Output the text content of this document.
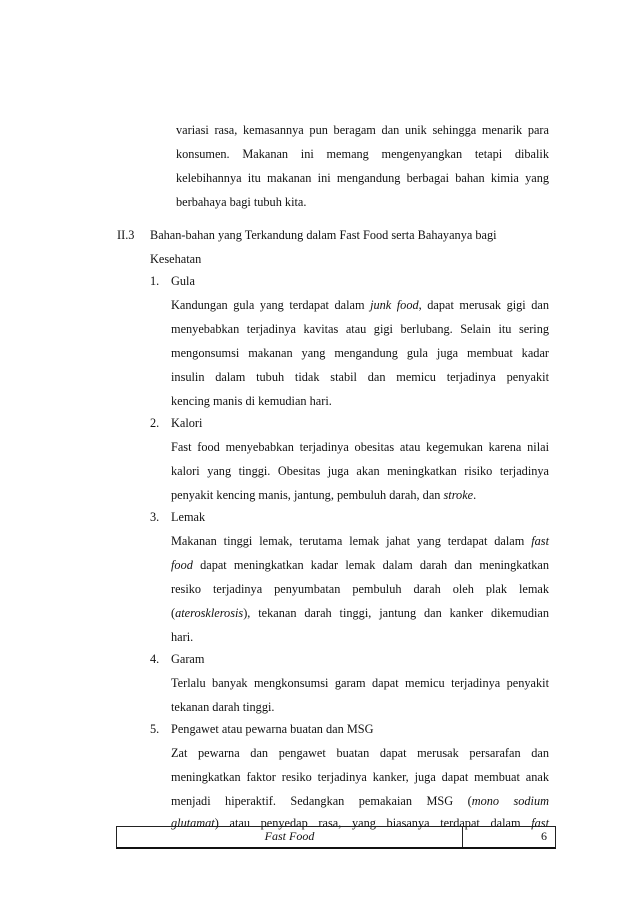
variasi rasa, kemasannya pun beragam dan unik sehingga menarik para
konsumen. Makanan ini memang mengenyangkan tetapi dibalik
kelebihannya itu makanan ini mengandung berbagai bahan kimia yang
berbahaya bagi tubuh kita.
II.3 Bahan-bahan yang Terkandung dalam Fast Food serta Bahayanya bagi
Kesehatan
1. Gula
Kandungan gula yang terdapat dalam junk food, dapat merusak gigi dan
menyebabkan terjadinya kavitas atau gigi berlubang. Selain itu sering
mengonsumsi makanan yang mengandung gula juga membuat kadar
insulin dalam tubuh tidak stabil dan memicu terjadinya penyakit
kencing manis di kemudian hari.
2. Kalori
Fast food menyebabkan terjadinya obesitas atau kegemukan karena nilai
kalori yang tinggi. Obesitas juga akan meningkatkan risiko terjadinya
penyakit kencing manis, jantung, pembuluh darah, dan stroke.
3. Lemak
Makanan tinggi lemak, terutama lemak jahat yang terdapat dalam fast
food dapat meningkatkan kadar lemak dalam darah dan meningkatkan
resiko terjadinya penyumbatan pembuluh darah oleh plak lemak
(aterosklerosis), tekanan darah tinggi, jantung dan kanker dikemudian
hari.
4. Garam
Terlalu banyak mengkonsumsi garam dapat memicu terjadinya penyakit
tekanan darah tinggi.
5. Pengawet atau pewarna buatan dan MSG
Zat pewarna dan pengawet buatan dapat merusak persarafan dan
meningkatkan faktor resiko terjadinya kanker, juga dapat membuat anak
menjadi hiperaktif. Sedangkan pemakaian MSG (mono sodium
glutamat) atau penyedap rasa, yang biasanya terdapat dalam fast
Fast Food	6
